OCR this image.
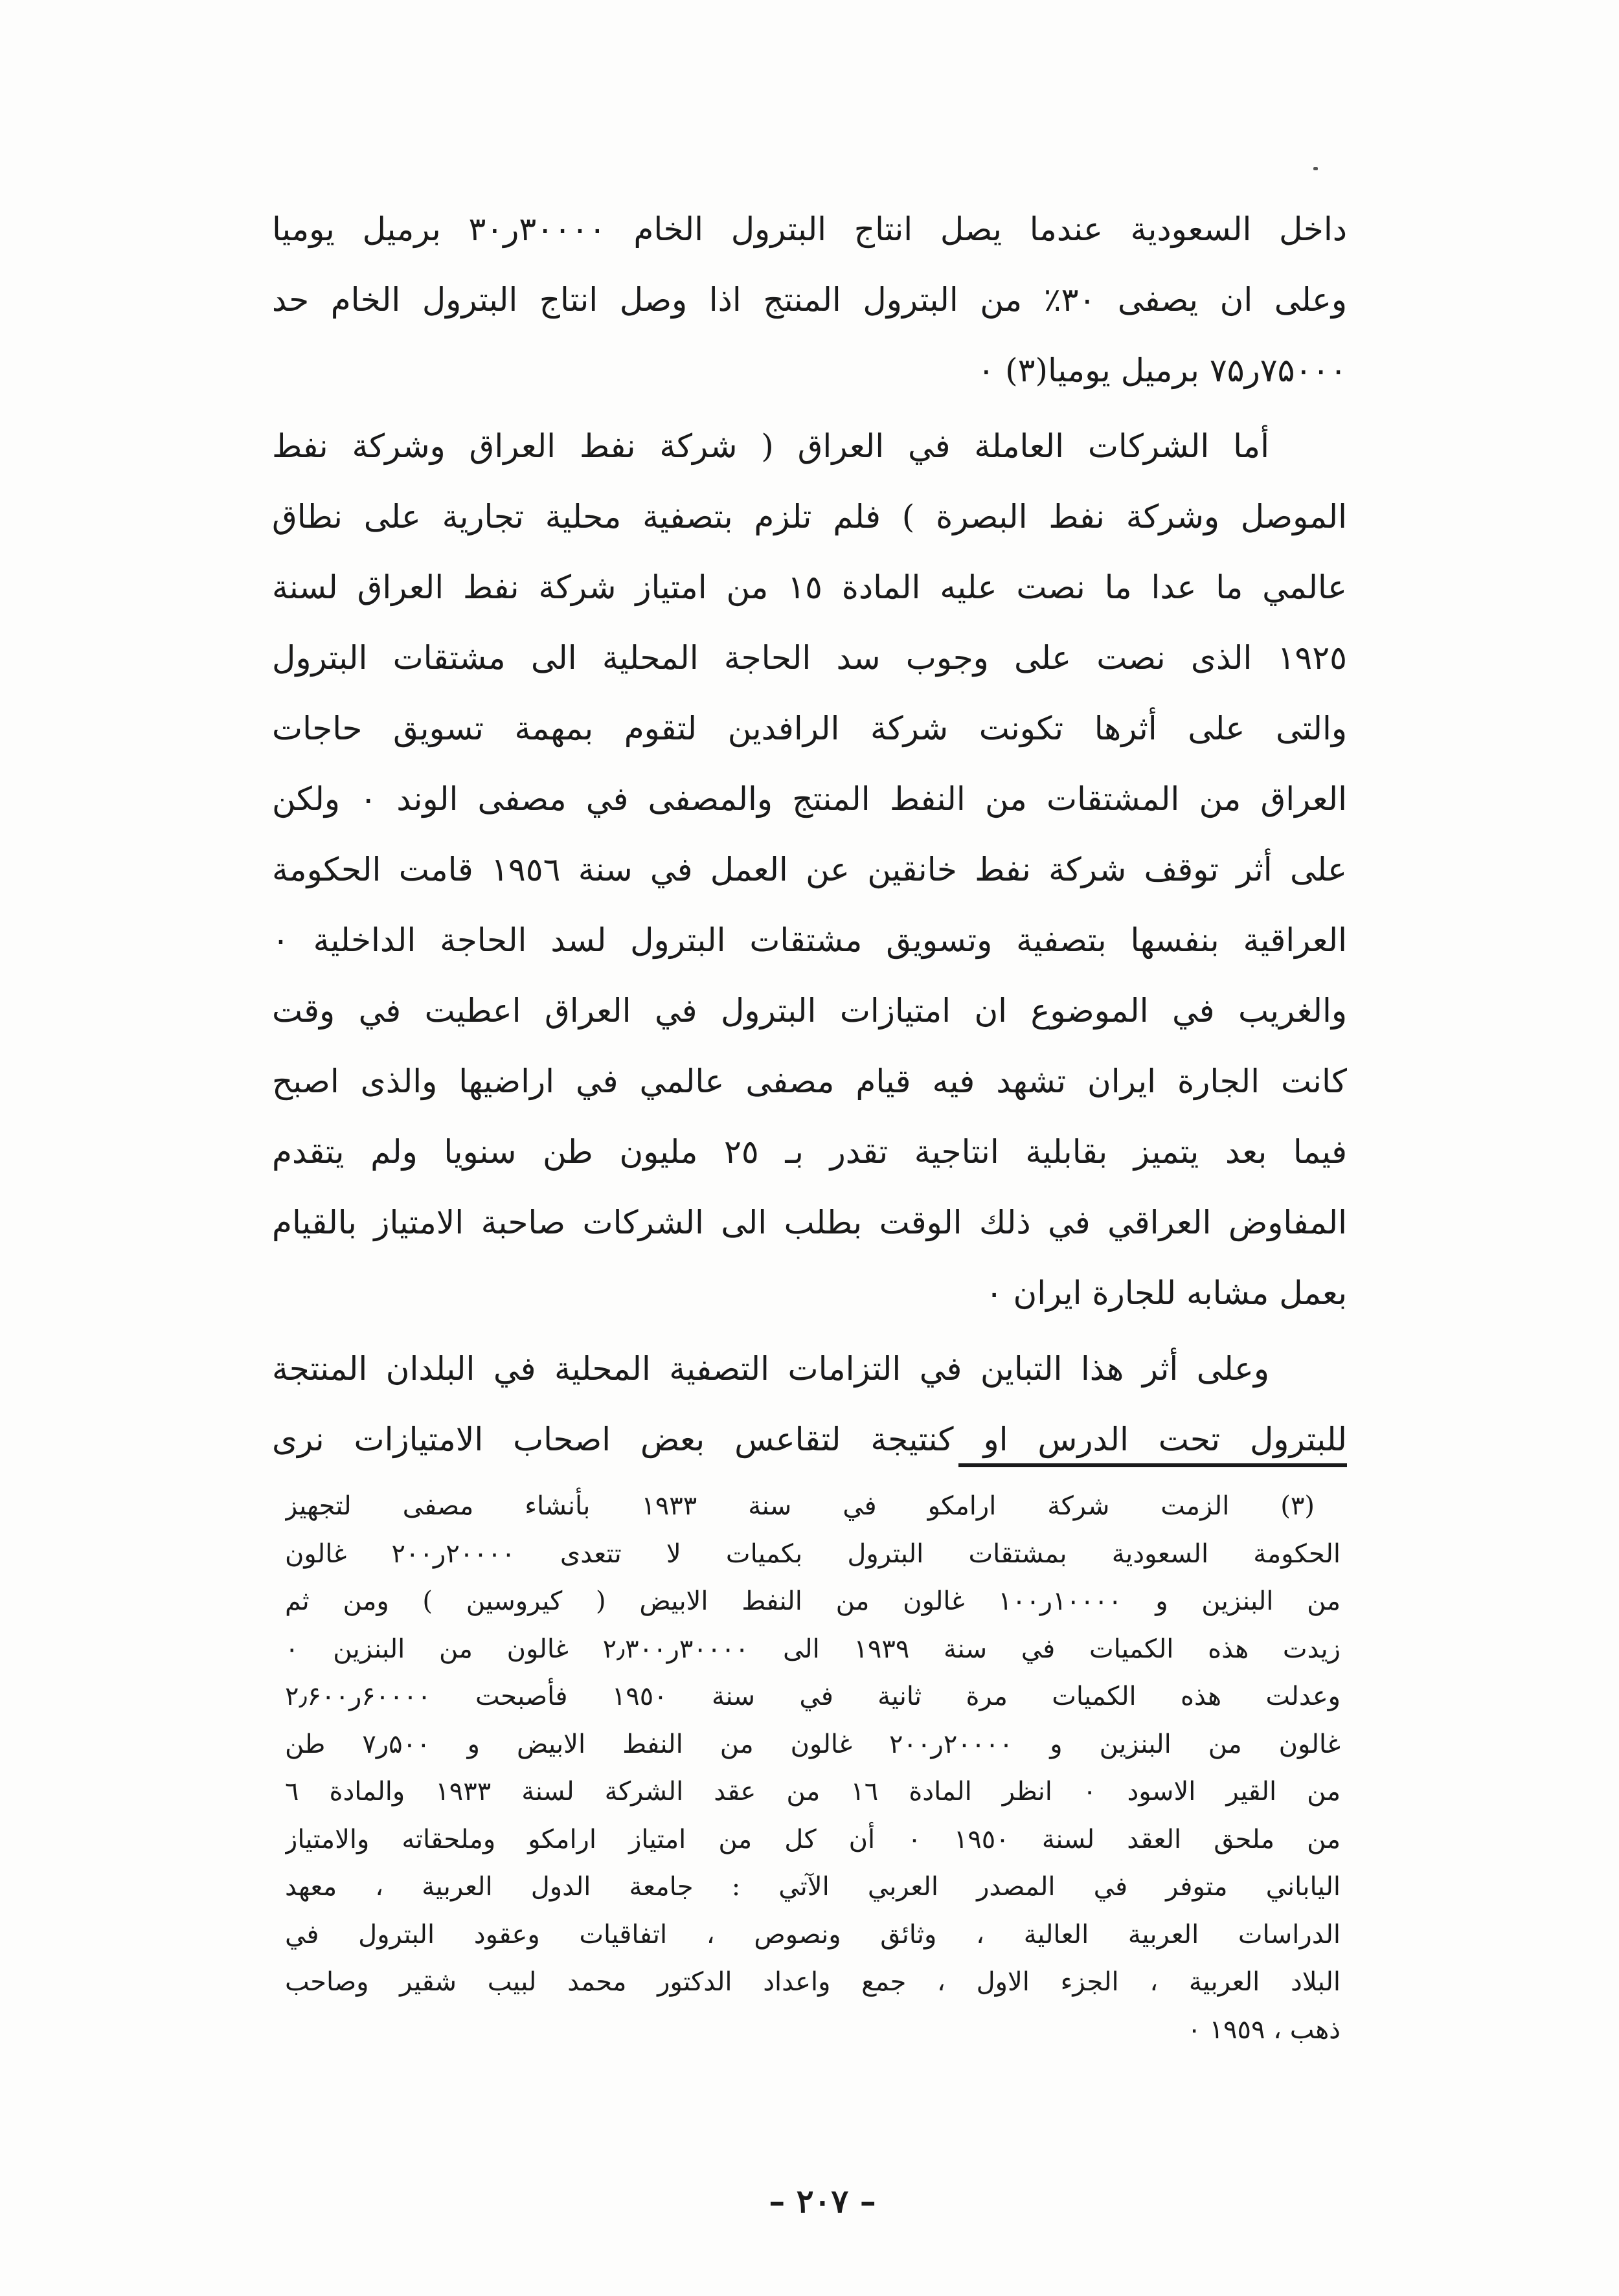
داخل السعودية عندما يصل انتاج البترول الخام ۳۰۰۰۰ر۳۰ برميل يوميا
وعلى ان يصفى ۳۰٪ من البترول المنتج اذا وصل انتاج البترول الخام حد
۷۵۰۰۰ر۷۵ برميل يوميا(۳) ٠
أما الشركات العاملة في العراق ( شركة نفط العراق وشركة نفط
الموصل وشركة نفط البصرة ) فلم تلزم بتصفية محلية تجارية على نطاق
عالمي ما عدا ما نصت عليه المادة ١٥ من امتياز شركة نفط العراق لسنة
١٩٢٥ الذى نصت على وجوب سد الحاجة المحلية الى مشتقات البترول
والتى على أثرها تكونت شركة الرافدين لتقوم بمهمة تسويق حاجات
العراق من المشتقات من النفط المنتج والمصفى في مصفى الوند ٠ ولكن
على أثر توقف شركة نفط خانقين عن العمل في سنة ١٩٥٦ قامت الحكومة
العراقية بنفسها بتصفية وتسويق مشتقات البترول لسد الحاجة الداخلية ٠
والغريب في الموضوع ان امتيازات البترول في العراق اعطيت في وقت
كانت الجارة ايران تشهد فيه قيام مصفى عالمي في اراضيها والذى اصبح
فيما بعد يتميز بقابلية انتاجية تقدر بـ ٢٥ مليون طن سنويا ولم يتقدم
المفاوض العراقي في ذلك الوقت بطلب الى الشركات صاحبة الامتياز بالقيام
بعمل مشابه للجارة ايران ٠
وعلى أثر هذا التباين في التزامات التصفية المحلية في البلدان المنتجة
للبترول تحت الدرس او كنتيجة لتقاعس بعض اصحاب الامتيازات نرى
(٣) الزمت شركة ارامكو في سنة ١٩٣٣ بأنشاء مصفى لتجهيز
الحكومة السعودية بمشتقات البترول بكميات لا تتعدى ۲۰۰۰۰ر۲۰۰ غالون
من البنزين و ۱۰۰۰۰ر۱۰۰ غالون من النفط الابيض ( كيروسين ) ومن ثم
زيدت هذه الكميات في سنة ١٩٣٩ الى ۳۰۰۰۰ر۲٫۳۰۰ غالون من البنزين ٠
وعدلت هذه الكميات مرة ثانية في سنة ١٩٥٠ فأصبحت ۶۰۰۰۰ر۲٫۶۰۰
غالون من البنزين و ۲۰۰۰۰ر۲۰۰ غالون من النفط الابيض و ۵۰۰ر۷ طن
من القير الاسود ٠ انظر المادة ١٦ من عقد الشركة لسنة ١٩٣٣ والمادة ٦
من ملحق العقد لسنة ١٩٥٠ ٠ أن كل من امتياز ارامكو وملحقاته والامتياز
الياباني متوفر في المصدر العربي الآتي : جامعة الدول العربية ، معهد
الدراسات العربية العالية ، وثائق ونصوص ، اتفاقيات وعقود البترول في
البلاد العربية ، الجزء الاول ، جمع واعداد الدكتور محمد لبيب شقير وصاحب
ذهب ، ١٩٥٩ ٠
– ٢٠٧ –
